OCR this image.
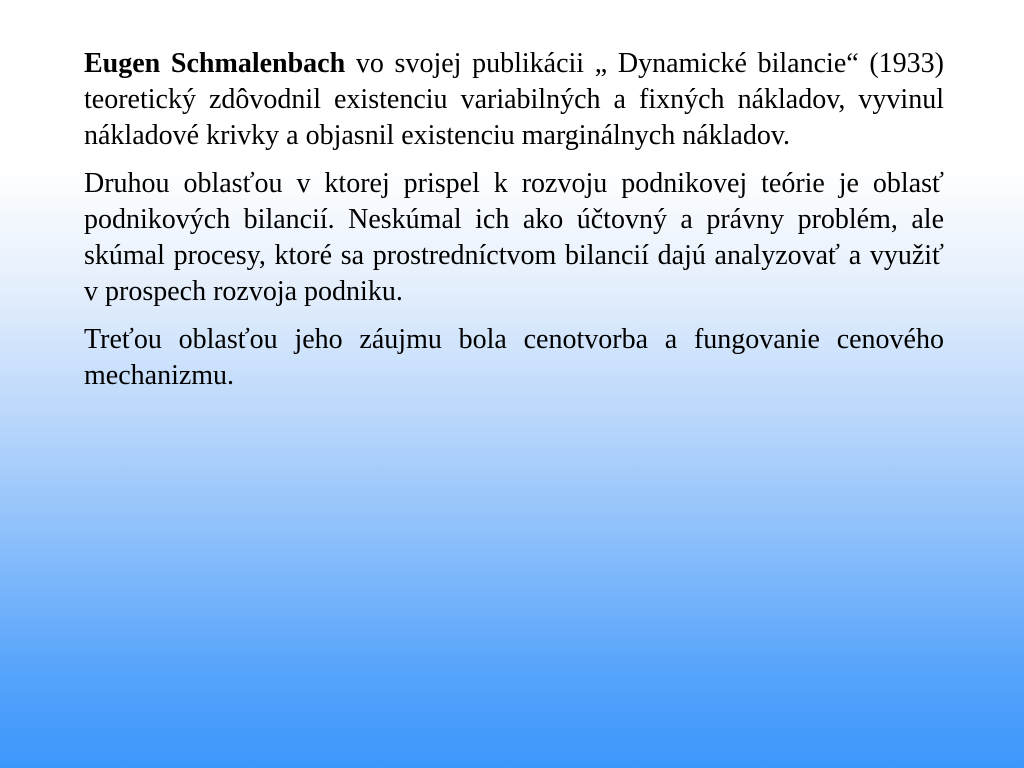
Eugen Schmalenbach vo svojej publikácii „ Dynamické bilancie“ (1933) teoretický zdôvodnil existenciu variabilných a fixných nákladov, vyvinul nákladové krivky a objasnil existenciu marginálnych nákladov.

Druhou oblasťou v ktorej prispel k rozvoju podnikovej teórie je oblasť podnikových bilancií. Neskúmal ich ako účtovný a právny problém, ale skúmal procesy, ktoré sa prostredníctvom bilancií dajú analyzovať a využiť v prospech rozvoja podniku.

Treťou oblasťou jeho záujmu bola cenotvorba a fungovanie cenového mechanizmu.
